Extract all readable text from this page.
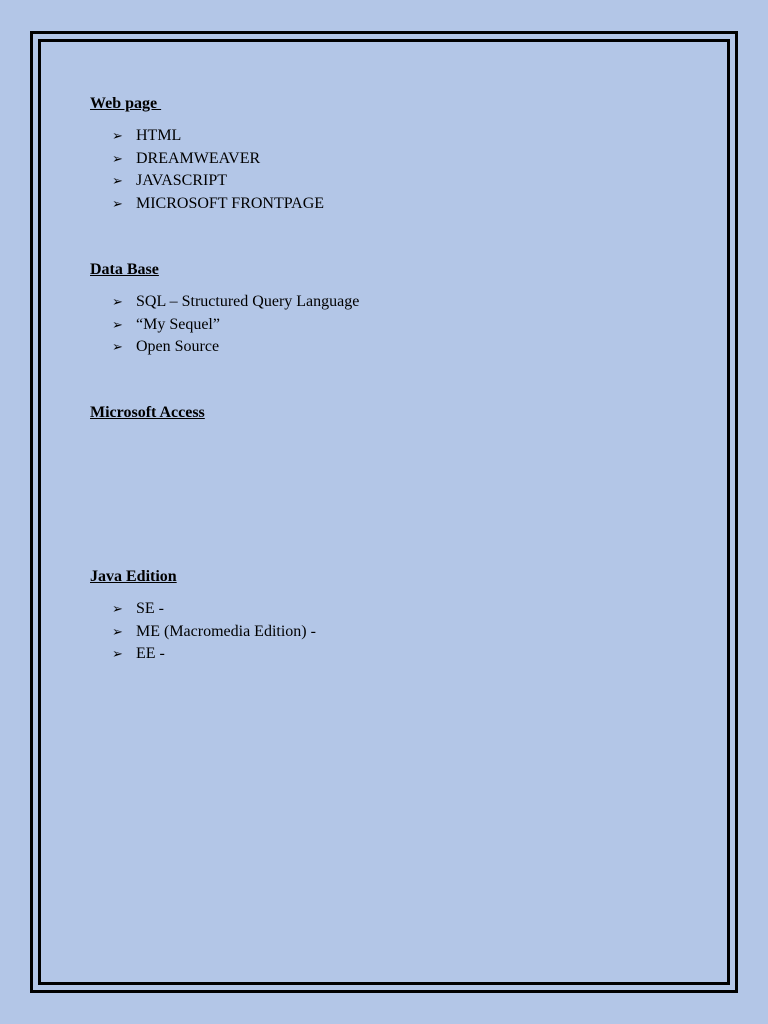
Web page
➢ HTML
➢ DREAMWEAVER
➢ JAVASCRIPT
➢ MICROSOFT FRONTPAGE
Data Base
➢ SQL – Structured Query Language
➢ “My Sequel”
➢ Open Source
Microsoft Access
Java Edition
➢ SE -
➢ ME (Macromedia Edition) -
➢ EE -
